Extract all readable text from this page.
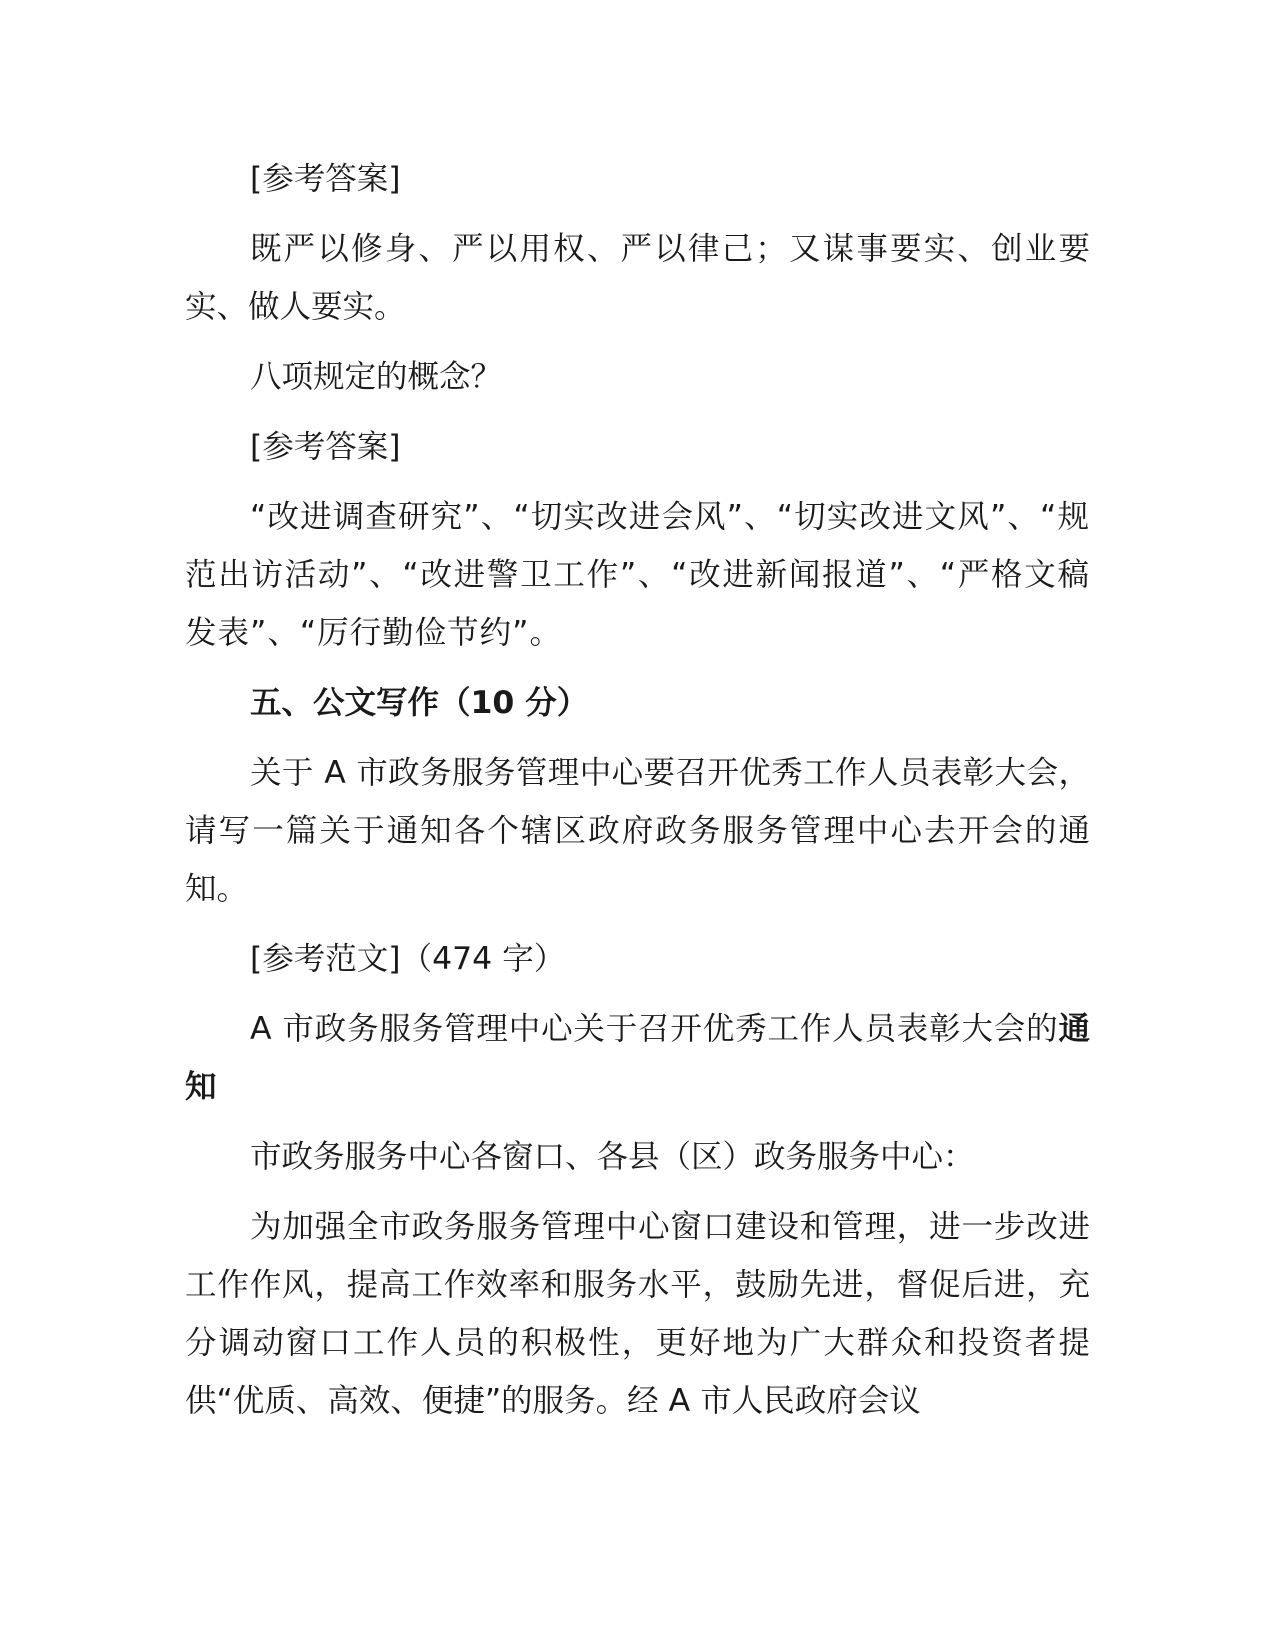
[参考答案]

既严以修身、严以用权、严以律己；又谋事要实、创业要实、做人要实。

八项规定的概念？

[参考答案]

“改进调查研究”、“切实改进会风”、“切实改进文风”、“规范出访活动”、“改进警卫工作”、“改进新闻报道”、“严格文稿发表”、“厉行勤俭节约”。

五、公文写作（10 分）

关于 A 市政务服务管理中心要召开优秀工作人员表彰大会，请写一篇关于通知各个辖区政府政务服务管理中心去开会的通知。

[参考范文]（474 字）

A 市政务服务管理中心关于召开优秀工作人员表彰大会的通知

市政务服务中心各窗口、各县（区）政务服务中心：

为加强全市政务服务管理中心窗口建设和管理，进一步改进工作作风，提高工作效率和服务水平，鼓励先进，督促后进，充分调动窗口工作人员的积极性，更好地为广大群众和投资者提供“优质、高效、便捷”的服务。经 A 市人民政府会议
